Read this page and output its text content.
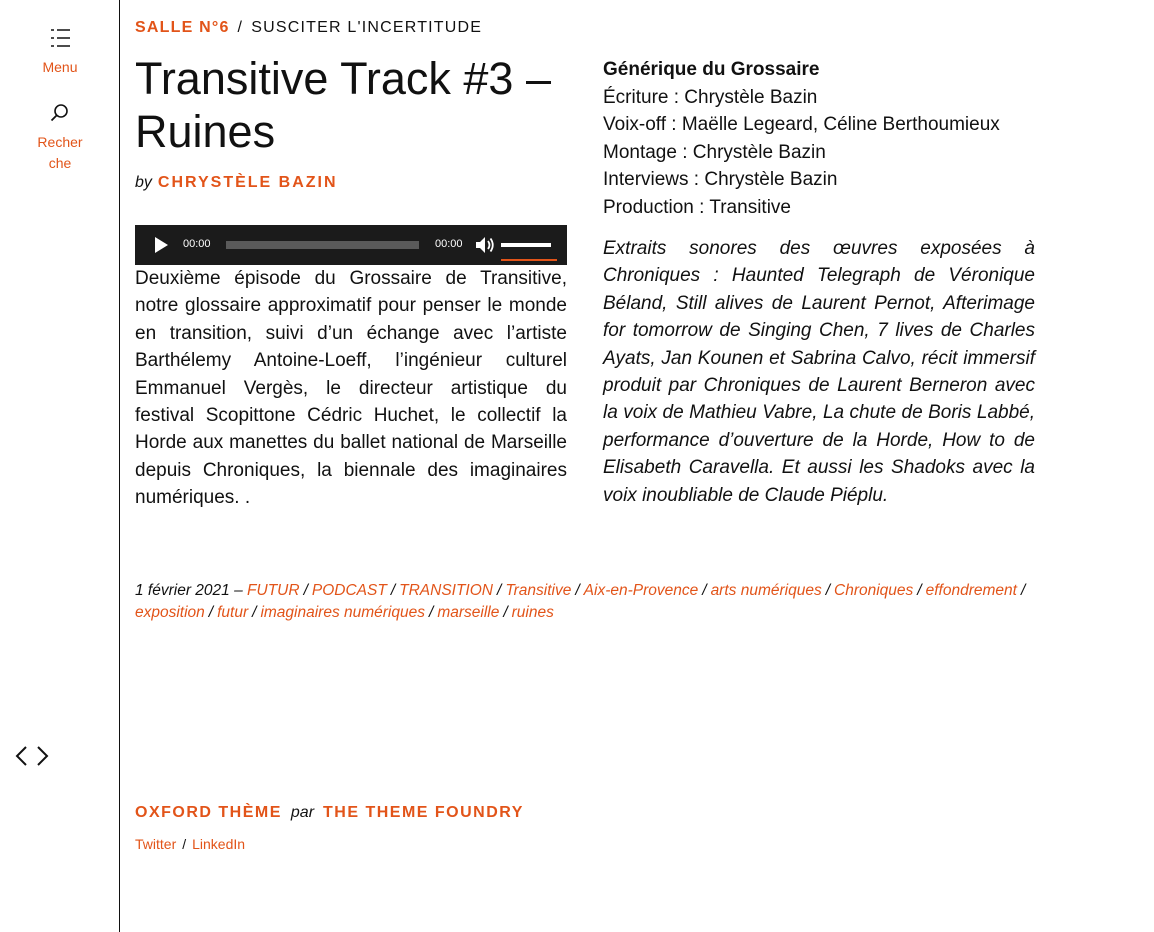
Menu
Recherche
SALLE N°6 / SUSCITER L'INCERTITUDE
Transitive Track #3 – Ruines
by CHRYSTÈLE BAZIN
00:00	00:00

Deuxième épisode du Grossaire de Transitive, notre glossaire approximatif pour penser le monde en transition, suivi d’un échange avec l’artiste Barthélemy Antoine-Loeff, l’ingénieur culturel Emmanuel Vergès, le directeur artistique du festival Scopittone Cédric Huchet, le collectif la Horde aux manettes du ballet national de Marseille depuis Chroniques, la biennale des imaginaires numériques. .

Générique du Grossaire
Écriture : Chrystèle Bazin
Voix-off : Maëlle Legeard, Céline Berthoumieux
Montage : Chrystèle Bazin
Interviews : Chrystèle Bazin
Production : Transitive

Extraits sonores des œuvres exposées à Chroniques : Haunted Telegraph de Véronique Béland, Still alives de Laurent Pernot, Afterimage for tomorrow de Singing Chen, 7 lives de Charles Ayats, Jan Kounen et Sabrina Calvo, récit immersif produit par Chroniques de Laurent Berneron avec la voix de Mathieu Vabre, La chute de Boris Labbé, performance d’ouverture de la Horde, How to de Elisabeth Caravella. Et aussi les Shadoks avec la voix inoubliable de Claude Piéplu.

1 février 2021 – FUTUR / PODCAST / TRANSITION / Transitive / Aix-en-Provence / arts numériques / Chroniques / effondrement /
exposition / futur / imaginaires numériques / marseille / ruines
OXFORD THÈME par THE THEME FOUNDRY
Twitter / LinkedIn
